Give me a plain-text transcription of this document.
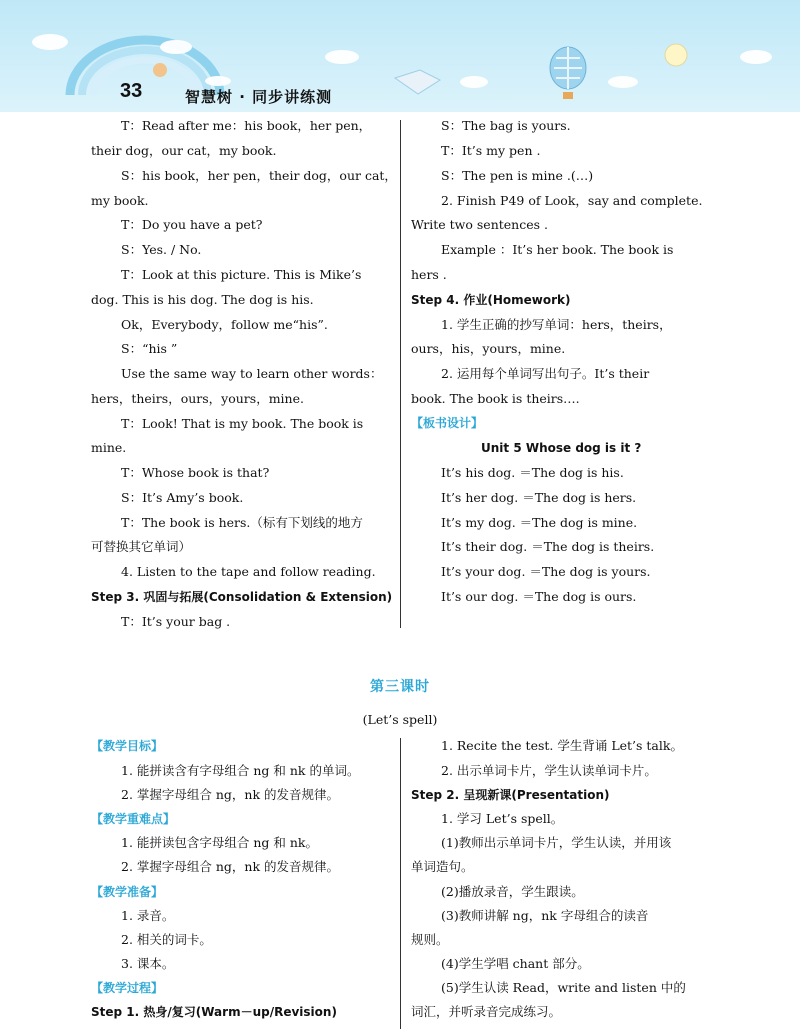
33	智慧树 · 同步讲练测
T：Read after me：his book，her pen，
their dog，our cat，my book.
S：his book，her pen，their dog，our cat，
my book.
T：Do you have a pet?
S：Yes. / No.
T：Look at this picture. This is Mike’s
dog. This is his dog. The dog is his.
Ok，Everybody，follow me“his”.
S：“his ”
Use the same way to learn other words：
hers，theirs，ours，yours，mine.
T：Look! That is my book. The book is
mine.
T：Whose book is that?
S：It’s Amy’s book.
T：The book is hers.（标有下划线的地方
可替换其它单词）
4. Listen to the tape and follow reading.
Step 3. 巩固与拓展(Consolidation & Extension)
T：It’s your bag .
S：The bag is yours.
T：It’s my pen .
S：The pen is mine .(…)
2. Finish P49 of Look，say and complete.
Write two sentences .
Example ：It’s her book. The book is
hers .
Step 4. 作业(Homework)
1. 学生正确的抄写单词：hers，theirs，
ours，his，yours，mine.
2. 运用每个单词写出句子。It’s their
book. The book is theirs….
【板书设计】
Unit 5 Whose dog is it ?
It’s his dog. ＝The dog is his.
It’s her dog. ＝The dog is hers.
It’s my dog. ＝The dog is mine.
It’s their dog. ＝The dog is theirs.
It’s your dog. ＝The dog is yours.
It’s our dog. ＝The dog is ours.
第三课时
(Let’s spell)
【教学目标】
1. 能拼读含有字母组合 ng 和 nk 的单词。
2. 掌握字母组合 ng，nk 的发音规律。
【教学重难点】
1. 能拼读包含字母组合 ng 和 nk。
2. 掌握字母组合 ng，nk 的发音规律。
【教学准备】
1. 录音。
2. 相关的词卡。
3. 课本。
【教学过程】
Step 1. 热身/复习(Warm－up/Revision)
1. Recite the test. 学生背诵 Let’s talk。
2. 出示单词卡片，学生认读单词卡片。
Step 2. 呈现新课(Presentation)
1. 学习 Let’s spell。
(1)教师出示单词卡片，学生认读，并用该
单词造句。
(2)播放录音，学生跟读。
(3)教师讲解 ng，nk 字母组合的读音
规则。
(4)学生学唱 chant 部分。
(5)学生认读 Read，write and listen 中的
词汇，并听录音完成练习。
